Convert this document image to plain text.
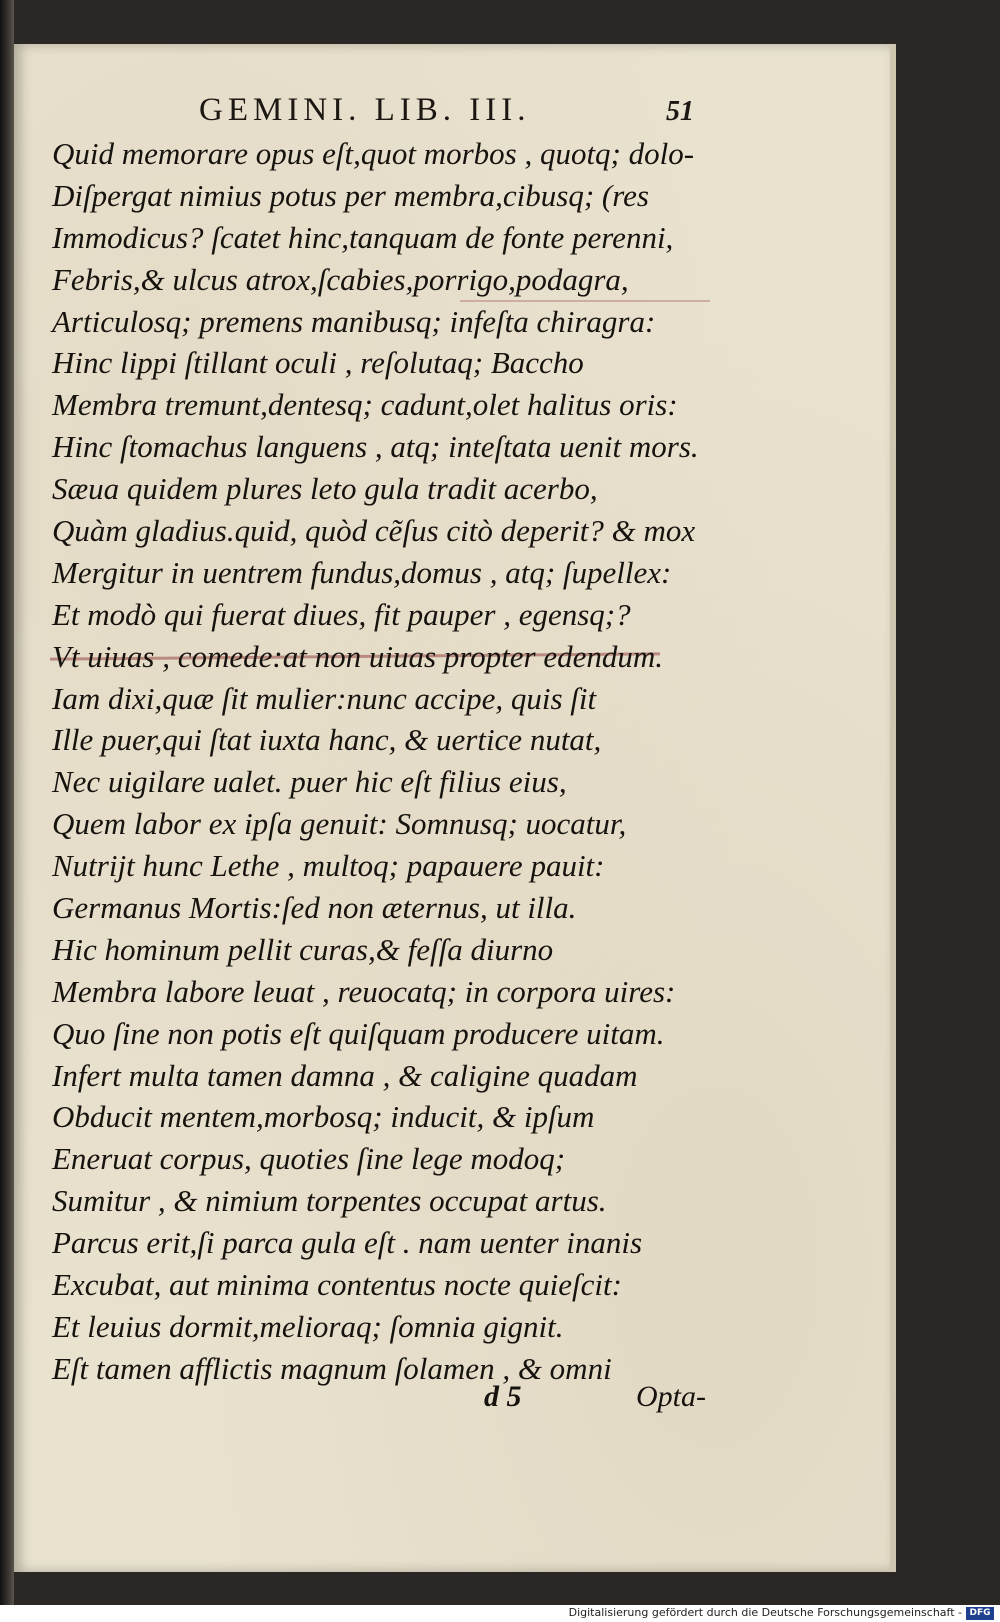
GEMINI. LIB. III.	51
Quid memorare opus eſt,quot morbos , quotq; dolo-
Diſpergat nimius potus per membra,cibusq; (res
Immodicus? ſcatet hinc,tanquam de fonte perenni,
Febris,& ulcus atrox,ſcabies,porrigo,podagra,
Articulosq; premens manibusq; infeſta chiragra:
Hinc lippi ſtillant oculi , reſolutaq; Baccho
Membra tremunt,dentesq; cadunt,olet halitus oris:
Hinc ſtomachus languens , atq; inteſtata uenit mors.
Sæua quidem plures leto gula tradit acerbo,
Quàm gladius.quid, quòd cẽſus citò deperit? & mox
Mergitur in uentrem fundus,domus , atq; ſupellex:
Et modò qui fuerat diues, fit pauper , egensq;?
Vt uiuas , comede:at non uiuas propter edendum.
Iam dixi,quæ ſit mulier:nunc accipe, quis ſit
Ille puer,qui ſtat iuxta hanc, & uertice nutat,
Nec uigilare ualet. puer hic eſt filius eius,
Quem labor ex ipſa genuit: Somnusq; uocatur,
Nutrijt hunc Lethe , multoq; papauere pauit:
Germanus Mortis:ſed non æternus, ut illa.
Hic hominum pellit curas,& feſſa diurno
Membra labore leuat , reuocatq; in corpora uires:
Quo ſine non potis eſt quiſquam producere uitam.
Infert multa tamen damna , & caligine quadam
Obducit mentem,morbosq; inducit, & ipſum
Eneruat corpus, quoties ſine lege modoq;
Sumitur , & nimium torpentes occupat artus.
Parcus erit,ſi parca gula eſt . nam uenter inanis
Excubat, aut minima contentus nocte quieſcit:
Et leuius dormit,melioraq; ſomnia gignit.
Eſt tamen afflictis magnum ſolamen , & omni
d 5	Opta-
Digitalisierung gefördert durch die Deutsche Forschungsgemeinschaft - DFG
